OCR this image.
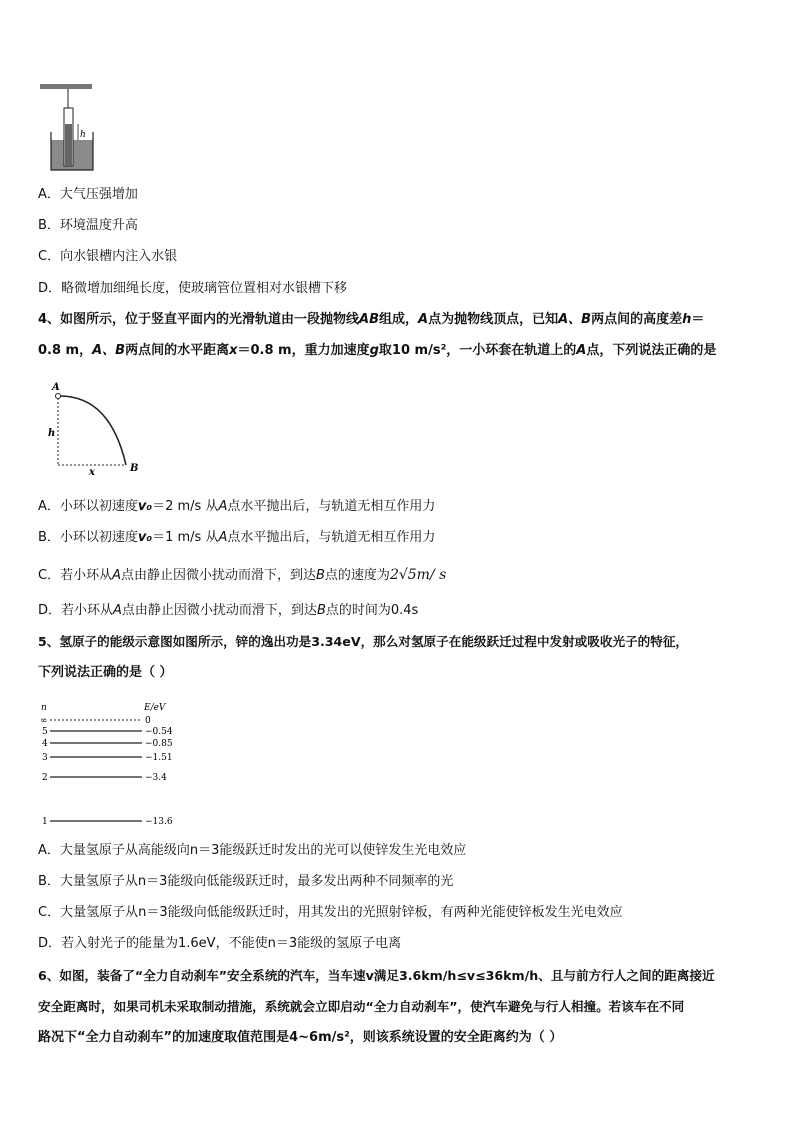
h
A．大气压强增加
B．环境温度升高
C．向水银槽内注入水银
D．略微增加细绳长度，使玻璃管位置相对水银槽下移
4、如图所示，位于竖直平面内的光滑轨道由一段抛物线AB组成，A点为抛物线顶点，已知A、B两点间的高度差h＝
0.8 m，A、B两点间的水平距离x＝0.8 m，重力加速度g取10 m/s²，一小环套在轨道上的A点，下列说法正确的是
A
h
x	B
A．小环以初速度v₀＝2 m/s 从A点水平抛出后，与轨道无相互作用力
B．小环以初速度v₀＝1 m/s 从A点水平抛出后，与轨道无相互作用力
C．若小环从A点由静止因微小扰动而滑下，到达B点的速度为2√5m/ s
D．若小环从A点由静止因微小扰动而滑下，到达B点的时间为0.4s
5、氢原子的能级示意图如图所示，锌的逸出功是3.34eV，那么对氢原子在能级跃迁过程中发射或吸收光子的特征，
下列说法正确的是（ ）
n	E/eV
∞	0
5	−0.54
4	−0.85
3	−1.51
2	−3.4
1	−13.6
A．大量氢原子从高能级向n＝3能级跃迁时发出的光可以使锌发生光电效应
B．大量氢原子从n＝3能级向低能级跃迁时，最多发出两种不同频率的光
C．大量氢原子从n＝3能级向低能级跃迁时，用其发出的光照射锌板，有两种光能使锌板发生光电效应
D．若入射光子的能量为1.6eV，不能使n＝3能级的氢原子电离
6、如图，装备了“全力自动刹车”安全系统的汽车，当车速v满足3.6km/h≤v≤36km/h、且与前方行人之间的距离接近
安全距离时，如果司机未采取制动措施，系统就会立即启动“全力自动刹车”，使汽车避免与行人相撞。若该车在不同
路况下“全力自动刹车”的加速度取值范围是4~6m/s²，则该系统设置的安全距离约为（ ）
